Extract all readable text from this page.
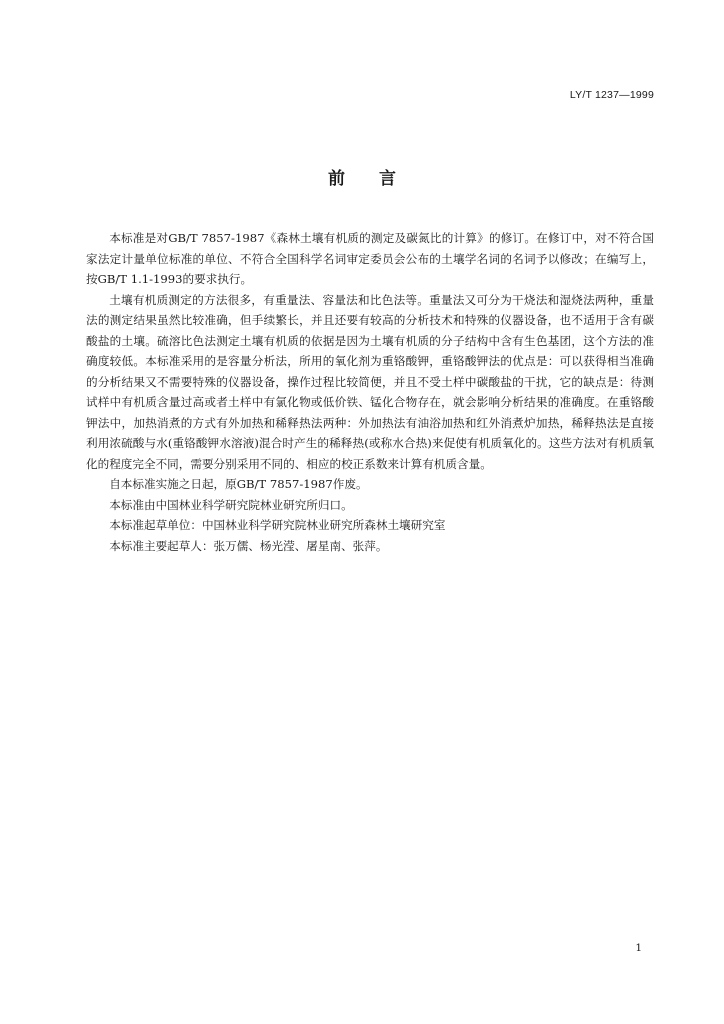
LY/T 1237—1999
前言

本标准是对GB/T 7857-1987《森林土壤有机质的测定及碳氮比的计算》的修订。在修订中，对不符合国家法定计量单位标准的单位、不符合全国科学名词审定委员会公布的土壤学名词的名词予以修改；在编写上，按GB/T 1.1-1993的要求执行。

土壤有机质测定的方法很多，有重量法、容量法和比色法等。重量法又可分为干烧法和湿烧法两种，重量法的测定结果虽然比较准确，但手续繁长，并且还要有较高的分析技术和特殊的仪器设备，也不适用于含有碳酸盐的土壤。硫溶比色法测定土壤有机质的依据是因为土壤有机质的分子结构中含有生色基团，这个方法的准确度较低。本标准采用的是容量分析法，所用的氧化剂为重铬酸钾，重铬酸钾法的优点是：可以获得相当准确的分析结果又不需要特殊的仪器设备，操作过程比较简便，并且不受土样中碳酸盐的干扰，它的缺点是：待测试样中有机质含量过高或者土样中有氯化物或低价铁、锰化合物存在，就会影响分析结果的准确度。在重铬酸钾法中，加热消煮的方式有外加热和稀释热法两种：外加热法有油浴加热和红外消煮炉加热，稀释热法是直接利用浓硫酸与水(重铬酸钾水溶液)混合时产生的稀释热(或称水合热)来促使有机质氧化的。这些方法对有机质氧化的程度完全不同，需要分别采用不同的、相应的校正系数来计算有机质含量。

自本标准实施之日起，原GB/T 7857-1987作废。

本标准由中国林业科学研究院林业研究所归口。

本标准起草单位：中国林业科学研究院林业研究所森林土壤研究室

本标准主要起草人：张万儒、杨光滢、屠星南、张萍。

1
